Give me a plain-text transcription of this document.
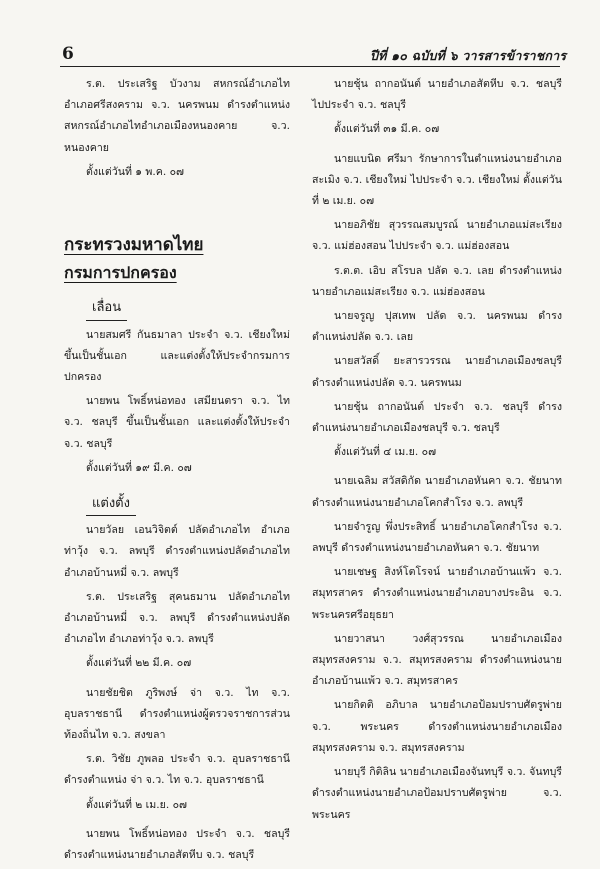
6	ปีที่ ๑๐ ฉบับที่ ๖ วารสารข้าราชการ

ร.ต. ประเสริฐ บัวงาม สหกรณ์อำเภอไท อำเภอศรีสงคราม จ.ว. นครพนม ดำรงตำแหน่งสหกรณ์อำเภอไทอำเภอเมืองหนองคาย จ.ว. หนองคาย

ตั้งแต่วันที่ ๑ พ.ค. ๐๗

กระทรวงมหาดไทย
กรมการปกครอง
เลื่อน

นายสมศรี กันธมาลา ประจำ จ.ว. เชียงใหม่ ขึ้นเป็นชั้นเอก และแต่งตั้งให้ประจำกรมการปกครอง

นายพน โพธิ์หน่อทอง เสมียนตรา จ.ว. ไท จ.ว. ชลบุรี ขึ้นเป็นชั้นเอก และแต่งตั้งให้ประจำ จ.ว. ชลบุรี

ตั้งแต่วันที่ ๑๙ มี.ค. ๐๗

แต่งตั้ง

นายวัลย เอนวิจิตต์ ปลัดอำเภอไท อำเภอท่าวุ้ง จ.ว. ลพบุรี ดำรงตำแหน่งปลัดอำเภอไท อำเภอบ้านหมี่ จ.ว. ลพบุรี

ร.ต. ประเสริฐ สุคนธมาน ปลัดอำเภอไท อำเภอบ้านหมี่ จ.ว. ลพบุรี ดำรงตำแหน่งปลัดอำเภอไท อำเภอท่าวุ้ง จ.ว. ลพบุรี

ตั้งแต่วันที่ ๒๒ มี.ค. ๐๗

นายชัยชิต ภูริพงษ์ จ่า จ.ว. ไท จ.ว. อุบลราชธานี ดำรงตำแหน่งผู้ตรวจราชการส่วนท้องถิ่นไท จ.ว. สงขลา

ร.ต. วิชัย ภูพลอ ประจำ จ.ว. อุบลราชธานี ดำรงตำแหน่ง จ่า จ.ว. ไท จ.ว. อุบลราชธานี

ตั้งแต่วันที่ ๒ เม.ย. ๐๗

นายพน โพธิ์หน่อทอง ประจำ จ.ว. ชลบุรี ดำรงตำแหน่งนายอำเภอสัตหีบ จ.ว. ชลบุรี

นายชุ้น ถากอนันต์ นายอำเภอสัตหีบ จ.ว. ชลบุรี ไปประจำ จ.ว. ชลบุรี

ตั้งแต่วันที่ ๓๑ มี.ค. ๐๗

นายแบนิด ศรีมา รักษาการในตำแหน่งนายอำเภอสะเมิง จ.ว. เชียงใหม่ ไปประจำ จ.ว. เชียงใหม่ ตั้งแต่วันที่ ๒ เม.ย. ๐๗

นายอภิชัย สุวรรณสมบูรณ์ นายอำเภอแม่สะเรียง จ.ว. แม่ฮ่องสอน ไปประจำ จ.ว. แม่ฮ่องสอน

ร.ต.ต. เอิบ สโรบล ปลัด จ.ว. เลย ดำรงตำแหน่งนายอำเภอแม่สะเรียง จ.ว. แม่ฮ่องสอน

นายจรูญ ปุสเทพ ปลัด จ.ว. นครพนม ดำรงตำแหน่งปลัด จ.ว. เลย

นายสวัสดิ์ ยะสารวรรณ นายอำเภอเมืองชลบุรี ดำรงตำแหน่งปลัด จ.ว. นครพนม

นายชุ้น ถากอนันต์ ประจำ จ.ว. ชลบุรี ดำรงตำแหน่งนายอำเภอเมืองชลบุรี จ.ว. ชลบุรี

ตั้งแต่วันที่ ๔ เม.ย. ๐๗

นายเฉลิม สวัสดิกัด นายอำเภอหันคา จ.ว. ชัยนาท ดำรงตำแหน่งนายอำเภอโคกสำโรง จ.ว. ลพบุรี

นายจำรูญ พึ่งประสิทธิ์ นายอำเภอโคกสำโรง จ.ว. ลพบุรี ดำรงตำแหน่งนายอำเภอหันคา จ.ว. ชัยนาท

นายเชษฐ สิงห์โตโรจน์ นายอำเภอบ้านแพ้ว จ.ว. สมุทรสาคร ดำรงตำแหน่งนายอำเภอบางประอิน จ.ว. พระนครศรีอยุธยา

นายวาสนา วงศ์สุวรรณ นายอำเภอเมืองสมุทรสงคราม จ.ว. สมุทรสงคราม ดำรงตำแหน่งนายอำเภอบ้านแพ้ว จ.ว. สมุทรสาคร

นายกิตติ อภิบาล นายอำเภอป้อมปราบศัตรูพ่าย จ.ว. พระนคร ดำรงตำแหน่งนายอำเภอเมืองสมุทรสงคราม จ.ว. สมุทรสงคราม

นายบุรี กิติลิน นายอำเภอเมืองจันทบุรี จ.ว. จันทบุรี ดำรงตำแหน่งนายอำเภอป้อมปราบศัตรูพ่าย จ.ว. พระนคร
